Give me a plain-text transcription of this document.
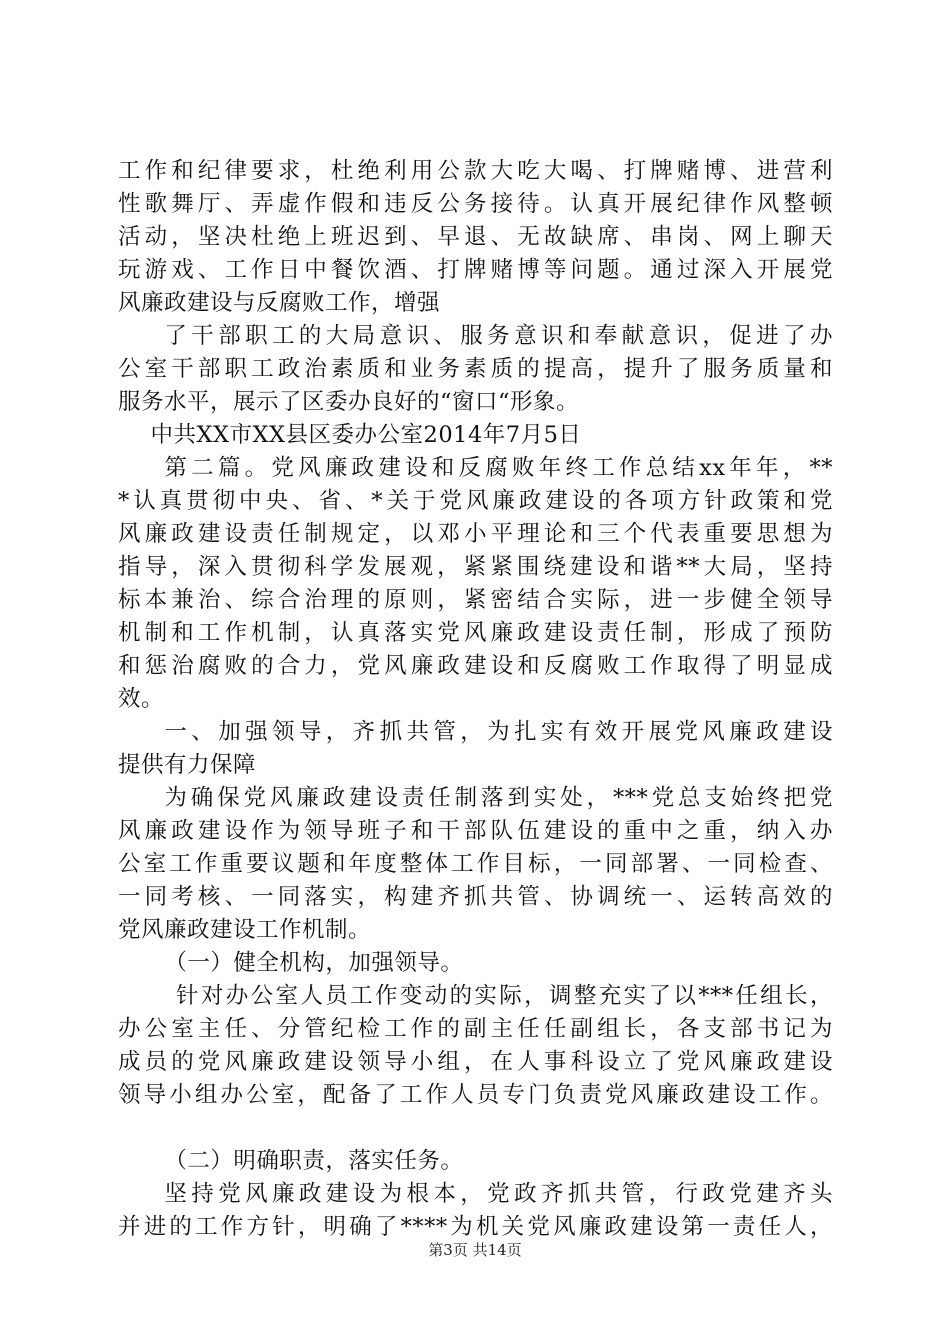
工作和纪律要求，杜绝利用公款大吃大喝、打牌赌博、进营利
性歌舞厅、弄虚作假和违反公务接待。认真开展纪律作风整顿
活动，坚决杜绝上班迟到、早退、无故缺席、串岗、网上聊天
玩游戏、工作日中餐饮酒、打牌赌博等问题。通过深入开展党
风廉政建设与反腐败工作，增强
了干部职工的大局意识、服务意识和奉献意识，促进了办
公室干部职工政治素质和业务素质的提高，提升了服务质量和
服务水平，展示了区委办良好的“窗口“形象。
中共XX市XX县区委办公室2014年7月5日
第二篇。党风廉政建设和反腐败年终工作总结xx年年，**
*认真贯彻中央、省、*关于党风廉政建设的各项方针政策和党
风廉政建设责任制规定，以邓小平理论和三个代表重要思想为
指导，深入贯彻科学发展观，紧紧围绕建设和谐**大局，坚持
标本兼治、综合治理的原则，紧密结合实际，进一步健全领导
机制和工作机制，认真落实党风廉政建设责任制，形成了预防
和惩治腐败的合力，党风廉政建设和反腐败工作取得了明显成
效。
一、加强领导，齐抓共管，为扎实有效开展党风廉政建设
提供有力保障
为确保党风廉政建设责任制落到实处，***党总支始终把党
风廉政建设作为领导班子和干部队伍建设的重中之重，纳入办
公室工作重要议题和年度整体工作目标，一同部署、一同检查、
一同考核、一同落实，构建齐抓共管、协调统一、运转高效的
党风廉政建设工作机制。
（一）健全机构，加强领导。
针对办公室人员工作变动的实际，调整充实了以***任组长，
办公室主任、分管纪检工作的副主任任副组长，各支部书记为
成员的党风廉政建设领导小组，在人事科设立了党风廉政建设
领导小组办公室，配备了工作人员专门负责党风廉政建设工作。

（二）明确职责，落实任务。
坚持党风廉政建设为根本，党政齐抓共管，行政党建齐头
并进的工作方针，明确了****为机关党风廉政建设第一责任人，
第3页 共14页
